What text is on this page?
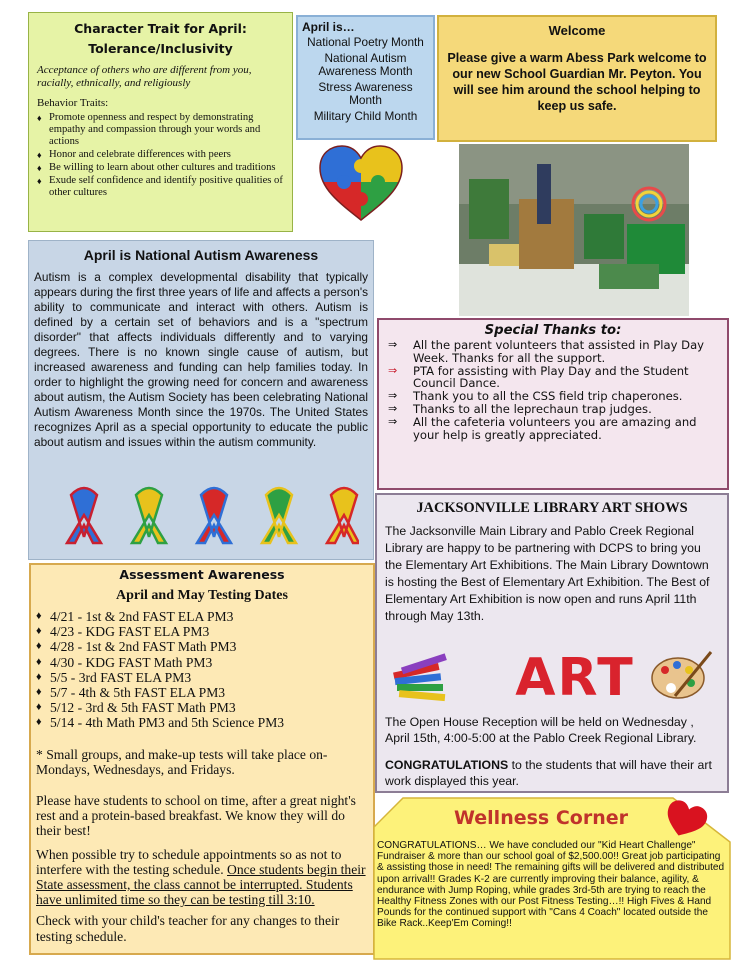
Character Trait for April:
Tolerance/Inclusivity
Acceptance of others who are different from you, racially, ethnically, and religiously
Behavior Traits:
♦ Promote openness and respect by demonstrating empathy and compassion through your words and actions
♦ Honor and celebrate differences with peers
♦ Be willing to learn about other cultures and traditions
♦ Exude self confidence and identify positive qualities of other cultures
April is…
National Poetry Month
National Autism Awareness Month
Stress Awareness Month
Military Child Month
Welcome
Please give a warm Abess Park welcome to our new School Guardian Mr. Peyton. You will see him around the school helping to keep us safe.
April is National Autism Awareness
Autism is a complex developmental disability that typically appears during the first three years of life and affects a person's ability to communicate and interact with others. Autism is defined by a certain set of behaviors and is a "spectrum disorder" that affects individuals differently and to varying degrees. There is no known single cause of autism, but increased awareness and funding can help families today. In order to highlight the growing need for concern and awareness about autism, the Autism Society has been celebrating National Autism Awareness Month since the 1970s. The United States recognizes April as a special opportunity to educate the public about autism and issues within the autism community.
Special Thanks to:
⇒ All the parent volunteers that assisted in Play Day Week. Thanks for all the support.
⇒ PTA for assisting with Play Day and the Student Council Dance.
⇒ Thank you to all the CSS field trip chaperones.
⇒ Thanks to all the leprechaun trap judges.
⇒ All the cafeteria volunteers you are amazing and your help is greatly appreciated.
JACKSONVILLE LIBRARY ART SHOWS
The Jacksonville Main Library and Pablo Creek Regional Library are happy to be partnering with DCPS to bring you the Elementary Art Exhibitions. The Main Library Downtown is hosting the Best of Elementary Art Exhibition. The Best of Elementary Art Exhibition is now open and runs April 11th through May 13th.
ART
The Open House Reception will be held on Wednesday , April 15th, 4:00-5:00 at the Pablo Creek Regional Library.
CONGRATULATIONS to the students that will have their art work displayed this year.
Assessment Awareness
April and May Testing Dates
♦ 4/21 - 1st & 2nd FAST ELA PM3
♦ 4/23 - KDG FAST ELA PM3
♦ 4/28 - 1st & 2nd FAST Math PM3
♦ 4/30 - KDG FAST Math PM3
♦ 5/5 - 3rd FAST ELA PM3
♦ 5/7 - 4th & 5th FAST ELA PM3
♦ 5/12 - 3rd & 5th FAST Math PM3
♦ 5/14 - 4th Math PM3 and 5th Science PM3

* Small groups, and make-up tests will take place on- Mondays, Wednesdays, and Fridays.

Please have students to school on time, after a great night's rest and a protein-based breakfast. We know they will do their best!

When possible try to schedule appointments so as not to interfere with the testing schedule. Once students begin their State assessment, the class cannot be interrupted. Students have unlimited time so they can be testing till 3:10.

Check with your child's teacher for any changes to their testing schedule.

Wellness Corner
CONGRATULATIONS… We have concluded our "Kid Heart Challenge" Fundraiser & more than our school goal of $2,500.00!! Great job participating & assisting those in need! The remaining gifts will be delivered and distributed upon arrival!! Grades K-2 are currently improving their balance, agility, & endurance with Jump Roping, while grades 3rd-5th are trying to reach the Healthy Fitness Zones with our Post Fitness Testing…!! High Fives & Hand Pounds for the continued support with "Cans 4 Coach" located outside the Bike Rack..Keep'Em Coming!!
